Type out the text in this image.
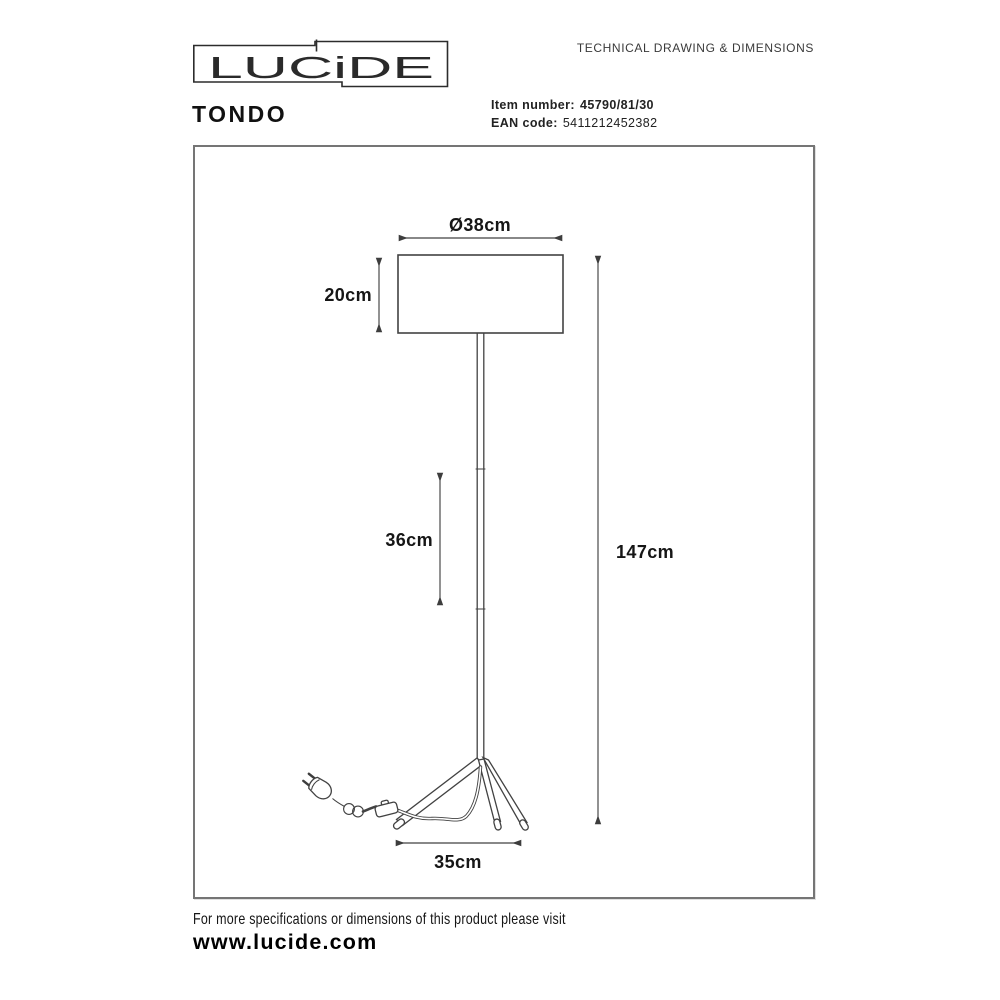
LUCiDE
TECHNICAL DRAWING & DIMENSIONS
TONDO	Item number: 45790/81/30
EAN code: 5411212452382
Ø38cm
20cm
36cm
147cm
35cm
For more specifications or dimensions of this product please visit
www.lucide.com
